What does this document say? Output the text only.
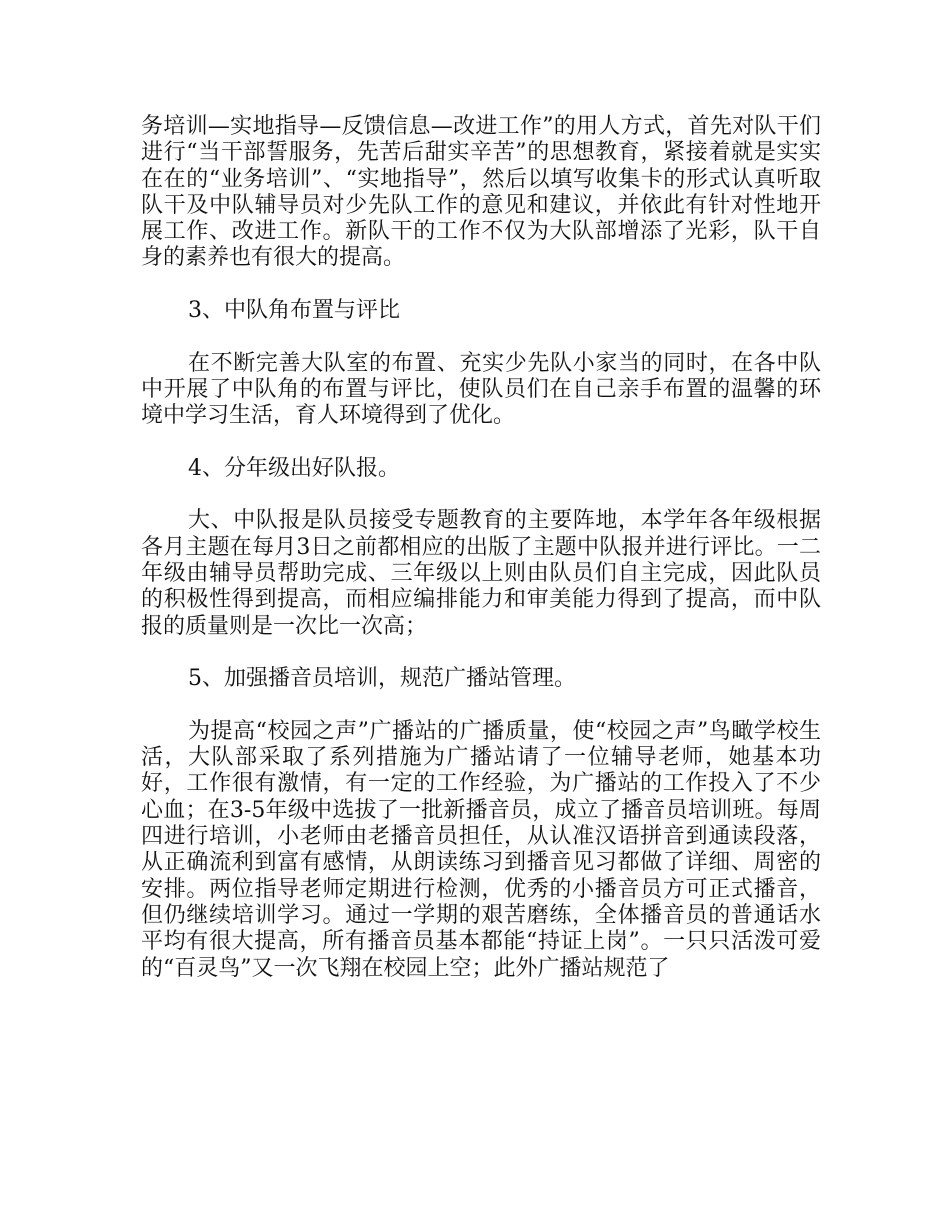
务培训—实地指导—反馈信息—改进工作”的用人方式，首先对队干们进行“当干部誓服务，先苦后甜实辛苦”的思想教育，紧接着就是实实在在的“业务培训”、“实地指导”，然后以填写收集卡的形式认真听取队干及中队辅导员对少先队工作的意见和建议，并依此有针对性地开展工作、改进工作。新队干的工作不仅为大队部增添了光彩，队干自身的素养也有很大的提高。

3、中队角布置与评比

在不断完善大队室的布置、充实少先队小家当的同时，在各中队中开展了中队角的布置与评比，使队员们在自己亲手布置的温馨的环境中学习生活，育人环境得到了优化。

4、分年级出好队报。

大、中队报是队员接受专题教育的主要阵地，本学年各年级根据各月主题在每月3日之前都相应的出版了主题中队报并进行评比。一二年级由辅导员帮助完成、三年级以上则由队员们自主完成，因此队员的积极性得到提高，而相应编排能力和审美能力得到了提高，而中队报的质量则是一次比一次高；

5、加强播音员培训，规范广播站管理。

为提高“校园之声”广播站的广播质量，使“校园之声”鸟瞰学校生活，大队部采取了系列措施为广播站请了一位辅导老师，她基本功好，工作很有激情，有一定的工作经验，为广播站的工作投入了不少心血；在3-5年级中选拔了一批新播音员，成立了播音员培训班。每周四进行培训，小老师由老播音员担任，从认准汉语拼音到通读段落，从正确流利到富有感情，从朗读练习到播音见习都做了详细、周密的安排。两位指导老师定期进行检测，优秀的小播音员方可正式播音，但仍继续培训学习。通过一学期的艰苦磨练，全体播音员的普通话水平均有很大提高，所有播音员基本都能“持证上岗”。一只只活泼可爱的“百灵鸟”又一次飞翔在校园上空；此外广播站规范了
